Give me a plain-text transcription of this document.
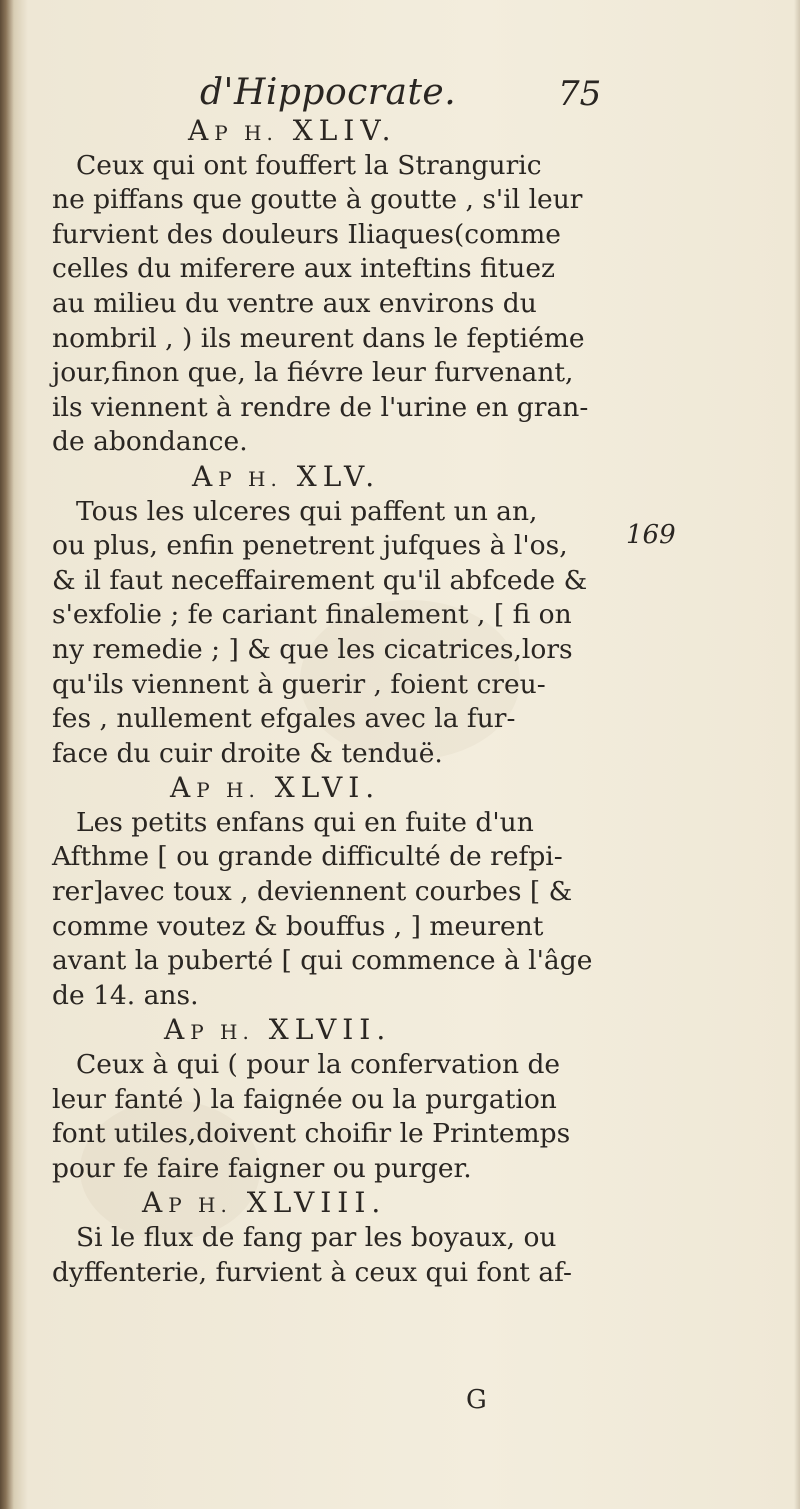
d'Hippocrate.	75
169
AP H. XLIV.
Ceux qui ont fouffert la Stranguric
ne piffans que goutte à goutte , s'il leur
furvient des douleurs Iliaques(comme
celles du miferere aux inteftins fituez
au milieu du ventre aux environs du
nombril , ) ils meurent dans le feptiéme
jour,finon que, la fiévre leur furvenant,
ils viennent à rendre de l'urine en gran-
de abondance.
AP H. XLV.
Tous les ulceres qui paffent un an,
ou plus, enfin penetrent jufques à l'os,
& il faut neceffairement qu'il abfcede &
s'exfolie ; fe cariant finalement , [ fi on
ny remedie ; ] & que les cicatrices,lors
qu'ils viennent à guerir , foient creu-
fes , nullement efgales avec la fur-
face du cuir droite & tenduë.
AP H. XLVI.
Les petits enfans qui en fuite d'un
Afthme [ ou grande difficulté de refpi-
rer]avec toux , deviennent courbes [ &
comme voutez & bouffus , ] meurent
avant la puberté [ qui commence à l'âge
de 14. ans.
AP H. XLVII.
Ceux à qui ( pour la confervation de
leur fanté ) la faignée ou la purgation
font utiles,doivent choifir le Printemps
pour fe faire faigner ou purger.
AP H. XLVIII.
Si le flux de fang par les boyaux, ou
dyffenterie, furvient à ceux qui font af-
G
